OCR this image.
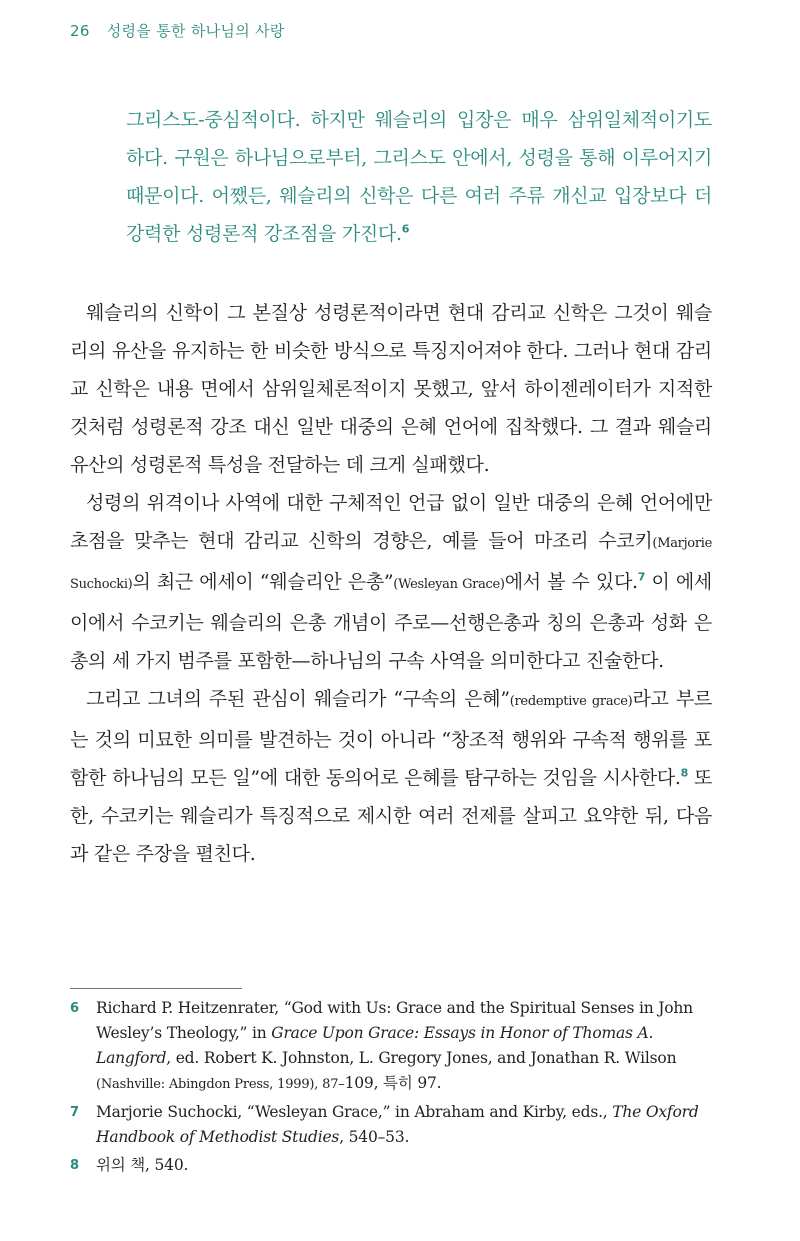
26 성령을 통한 하나님의 사랑
그리스도-중심적이다. 하지만 웨슬리의 입장은 매우 삼위일체적이기도 하다. 구원은 하나님으로부터, 그리스도 안에서, 성령을 통해 이루어지기 때문이다. 어쨌든, 웨슬리의 신학은 다른 여러 주류 개신교 입장보다 더 강력한 성령론적 강조점을 가진다.$^6$

웨슬리의 신학이 그 본질상 성령론적이라면 현대 감리교 신학은 그것이 웨슬리의 유산을 유지하는 한 비슷한 방식으로 특징지어져야 한다. 그러나 현대 감리교 신학은 내용 면에서 삼위일체론적이지 못했고, 앞서 하이젠레이터가 지적한 것처럼 성령론적 강조 대신 일반 대중의 은혜 언어에 집착했다. 그 결과 웨슬리 유산의 성령론적 특성을 전달하는 데 크게 실패했다.

성령의 위격이나 사역에 대한 구체적인 언급 없이 일반 대중의 은혜 언어에만 초점을 맞추는 현대 감리교 신학의 경향은, 예를 들어 마조리 수코키(Marjorie Suchocki)의 최근 에세이 “웨슬리안 은총”(Wesleyan Grace)에서 볼 수 있다.$^7$ 이 에세이에서 수코키는 웨슬리의 은총 개념이 주로—선행은총과 칭의 은총과 성화 은총의 세 가지 범주를 포함한—하나님의 구속 사역을 의미한다고 진술한다.

그리고 그녀의 주된 관심이 웨슬리가 “구속의 은혜”(redemptive grace)라고 부르는 것의 미묘한 의미를 발견하는 것이 아니라 “창조적 행위와 구속적 행위를 포함한 하나님의 모든 일”에 대한 동의어로 은혜를 탐구하는 것임을 시사한다.$^8$ 또한, 수코키는 웨슬리가 특징적으로 제시한 여러 전제를 살피고 요약한 뒤, 다음과 같은 주장을 펼친다.

6 Richard P. Heitzenrater, “God with Us: Grace and the Spiritual Senses in John Wesley’s Theology,” in Grace Upon Grace: Essays in Honor of Thomas A. Langford, ed. Robert K. Johnston, L. Gregory Jones, and Jonathan R. Wilson (Nashville: Abingdon Press, 1999), 87–109, 특히 97.
7 Marjorie Suchocki, “Wesleyan Grace,” in Abraham and Kirby, eds., The Oxford Handbook of Methodist Studies, 540–53.
8 위의 책, 540.
